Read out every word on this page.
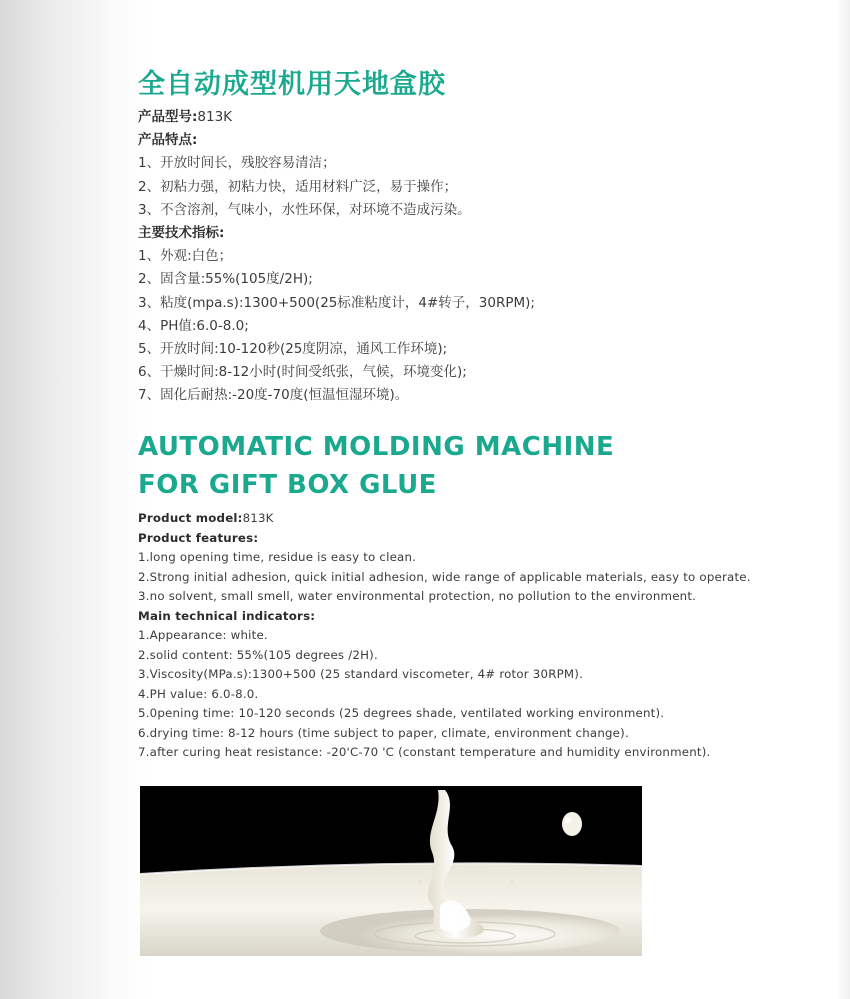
全自动成型机用天地盒胶
产品型号:813K
产品特点:
1、开放时间长，残胶容易清洁；
2、初粘力强，初粘力快，适用材料广泛，易于操作；
3、不含溶剂，气味小，水性环保，对环境不造成污染。
主要技术指标:
1、外观:白色；
2、固含量:55%(105度/2H);
3、粘度(mpa.s):1300+500(25标准粘度计，4#转子，30RPM);
4、PH值:6.0-8.0;
5、开放时间:10-120秒(25度阴凉，通风工作环境);
6、干燥时间:8-12小时(时间受纸张，气候，环境变化);
7、固化后耐热:-20度-70度(恒温恒湿环境)。
AUTOMATIC MOLDING MACHINE
FOR GIFT BOX GLUE
Product model:813K
Product features:
1.long opening time, residue is easy to clean.
2.Strong initial adhesion, quick initial adhesion, wide range of applicable materials, easy to operate.
3.no solvent, small smell, water environmental protection, no pollution to the environment.
Main technical indicators:
1.Appearance: white.
2.solid content: 55%(105 degrees /2H).
3.Viscosity(MPa.s):1300+500 (25 standard viscometer, 4# rotor 30RPM).
4.PH value: 6.0-8.0.
5.0pening time: 10-120 seconds (25 degrees shade, ventilated working environment).
6.drying time: 8-12 hours (time subject to paper, climate, environment change).
7.after curing heat resistance: -20'C-70 'C (constant temperature and humidity environment).
